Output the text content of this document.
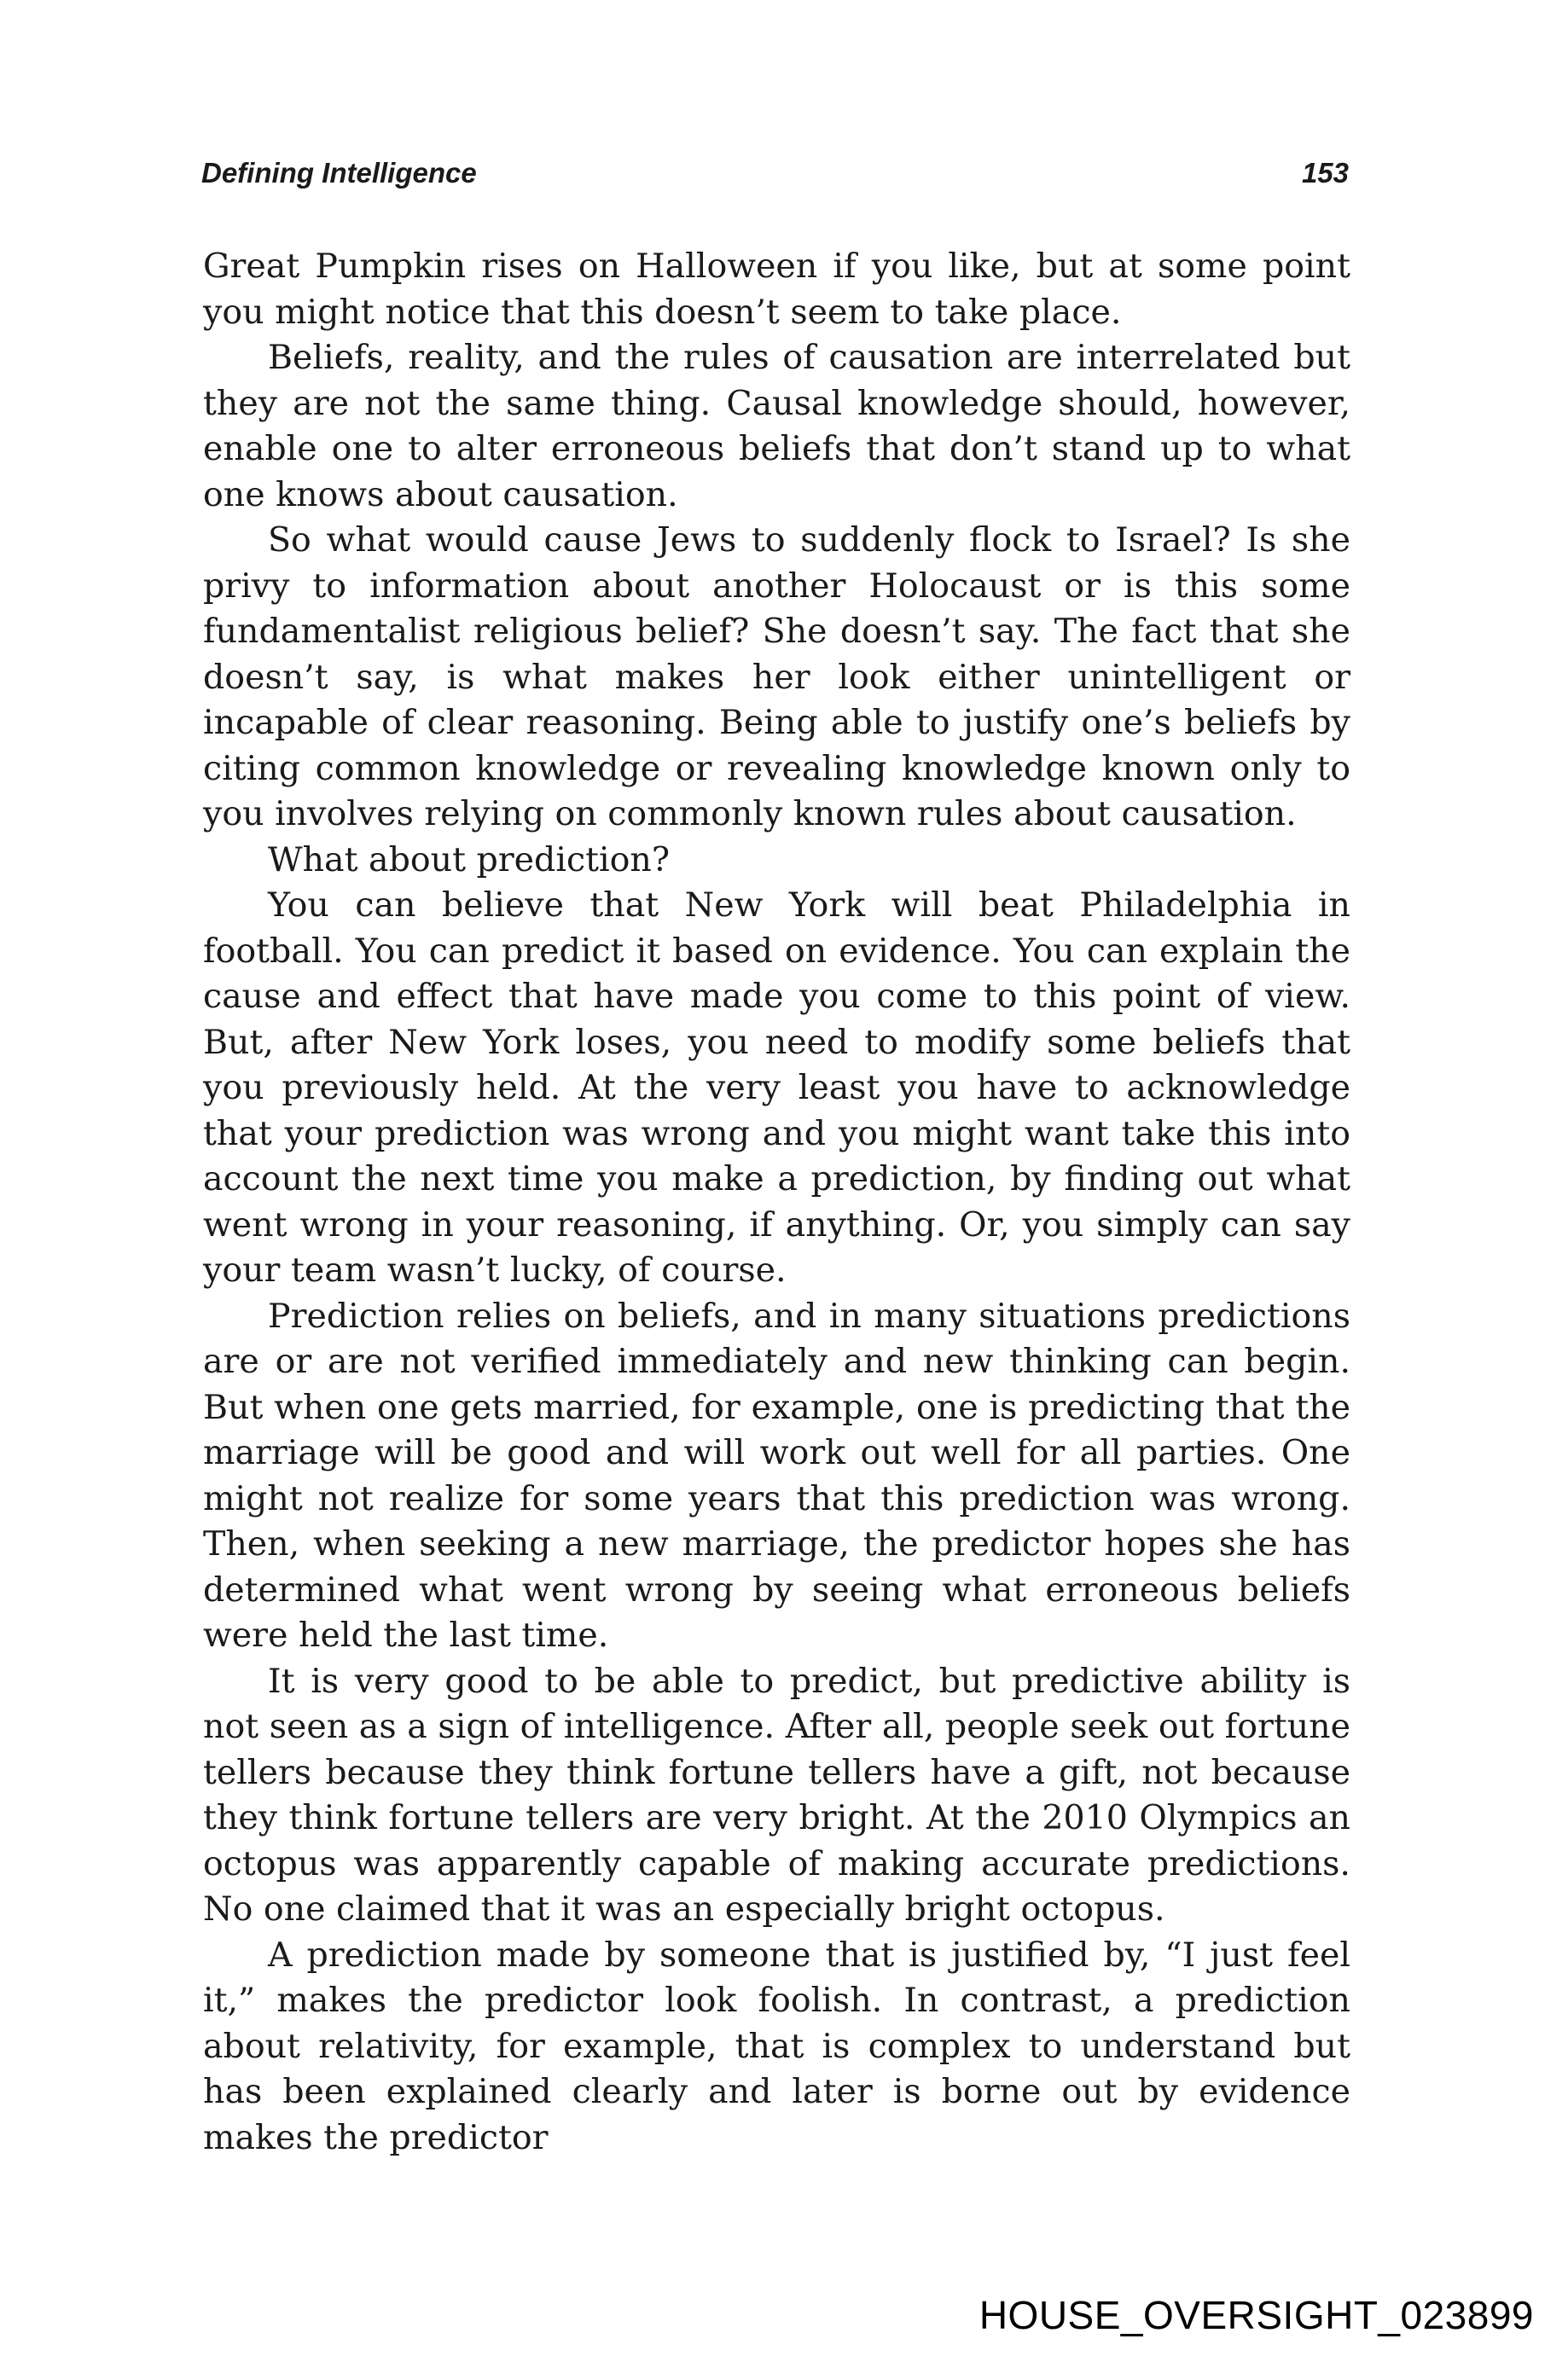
Defining Intelligence	153

Great Pumpkin rises on Halloween if you like, but at some point you might notice that this doesn’t seem to take place.

Beliefs, reality, and the rules of causation are interrelated but they are not the same thing. Causal knowledge should, however, enable one to alter erroneous beliefs that don’t stand up to what one knows about causation.

So what would cause Jews to suddenly flock to Israel? Is she privy to information about another Holocaust or is this some fundamentalist religious belief? She doesn’t say. The fact that she doesn’t say, is what makes her look either unintelligent or incapable of clear reasoning. Being able to justify one’s beliefs by citing common knowledge or revealing knowledge known only to you involves relying on commonly known rules about causation.

What about prediction?

You can believe that New York will beat Philadelphia in football. You can predict it based on evidence. You can explain the cause and effect that have made you come to this point of view. But, after New York loses, you need to modify some beliefs that you previously held. At the very least you have to acknowledge that your prediction was wrong and you might want take this into account the next time you make a prediction, by finding out what went wrong in your reasoning, if anything. Or, you simply can say your team wasn’t lucky, of course.

Prediction relies on beliefs, and in many situations predictions are or are not verified immediately and new thinking can begin. But when one gets married, for example, one is predicting that the marriage will be good and will work out well for all parties. One might not realize for some years that this prediction was wrong. Then, when seeking a new marriage, the predictor hopes she has determined what went wrong by seeing what erroneous beliefs were held the last time.

It is very good to be able to predict, but predictive ability is not seen as a sign of intelligence. After all, people seek out fortune tellers because they think fortune tellers have a gift, not because they think fortune tellers are very bright. At the 2010 Olympics an octopus was apparently capable of making accurate predictions. No one claimed that it was an especially bright octopus.

A prediction made by someone that is justified by, “I just feel it,” makes the predictor look foolish. In contrast, a prediction about relativity, for example, that is complex to understand but has been explained clearly and later is borne out by evidence makes the predictor

HOUSE_OVERSIGHT_023899
